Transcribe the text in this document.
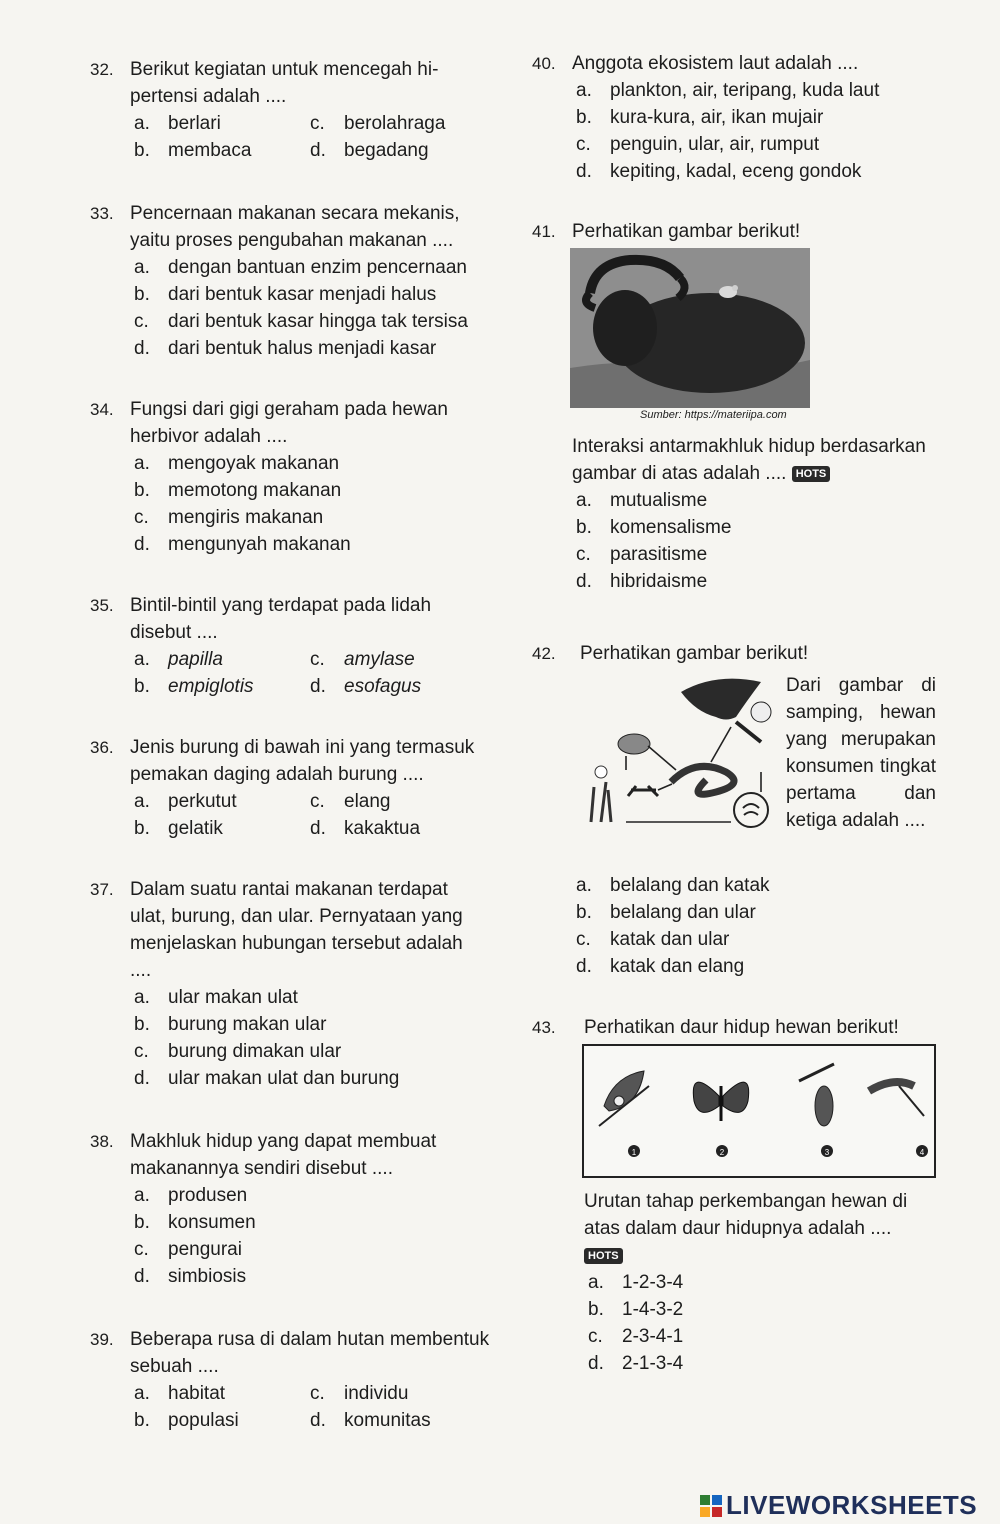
32. Berikut kegiatan untuk mencegah hi-pertensi adalah ....
a. berlari	c. berolahraga
b. membaca	d. begadang
33. Pencernaan makanan secara mekanis, yaitu proses pengubahan makanan ....
a. dengan bantuan enzim pencernaan
b. dari bentuk kasar menjadi halus
c. dari bentuk kasar hingga tak tersisa
d. dari bentuk halus menjadi kasar
34. Fungsi dari gigi geraham pada hewan herbivor adalah ....
a. mengoyak makanan
b. memotong makanan
c. mengiris makanan
d. mengunyah makanan
35. Bintil-bintil yang terdapat pada lidah disebut ....
a. papilla	c. amylase
b. empiglotis	d. esofagus
36. Jenis burung di bawah ini yang termasuk pemakan daging adalah burung ....
a. perkutut	c. elang
b. gelatik	d. kakaktua
37. Dalam suatu rantai makanan terdapat ulat, burung, dan ular. Pernyataan yang menjelaskan hubungan tersebut adalah ....
a. ular makan ulat
b. burung makan ular
c. burung dimakan ular
d. ular makan ulat dan burung
38. Makhluk hidup yang dapat membuat makanannya sendiri disebut ....
a. produsen
b. konsumen
c. pengurai
d. simbiosis
39. Beberapa rusa di dalam hutan membentuk sebuah ....
a. habitat	c. individu
b. populasi	d. komunitas
40. Anggota ekosistem laut adalah ....
a. plankton, air, teripang, kuda laut
b. kura-kura, air, ikan mujair
c. penguin, ular, air, rumput
d. kepiting, kadal, eceng gondok
41. Perhatikan gambar berikut!
Sumber: https://materiipa.com
Interaksi antarmakhluk hidup berdasarkan gambar di atas adalah .... HOTS
a. mutualisme
b. komensalisme
c. parasitisme
d. hibridaisme
42.	Perhatikan gambar berikut!
Dari gambar di samping, hewan yang merupakan konsumen tingkat pertama dan ketiga adalah ....
a. belalang dan katak
b. belalang dan ular
c. katak dan ular
d. katak dan elang
43.	Perhatikan daur hidup hewan berikut!
1	2	3	4
Urutan tahap perkembangan hewan di atas dalam daur hidupnya adalah ....
HOTS
a. 1-2-3-4
b. 1-4-3-2
c. 2-3-4-1
d. 2-1-3-4
LIVEWORKSHEETS
